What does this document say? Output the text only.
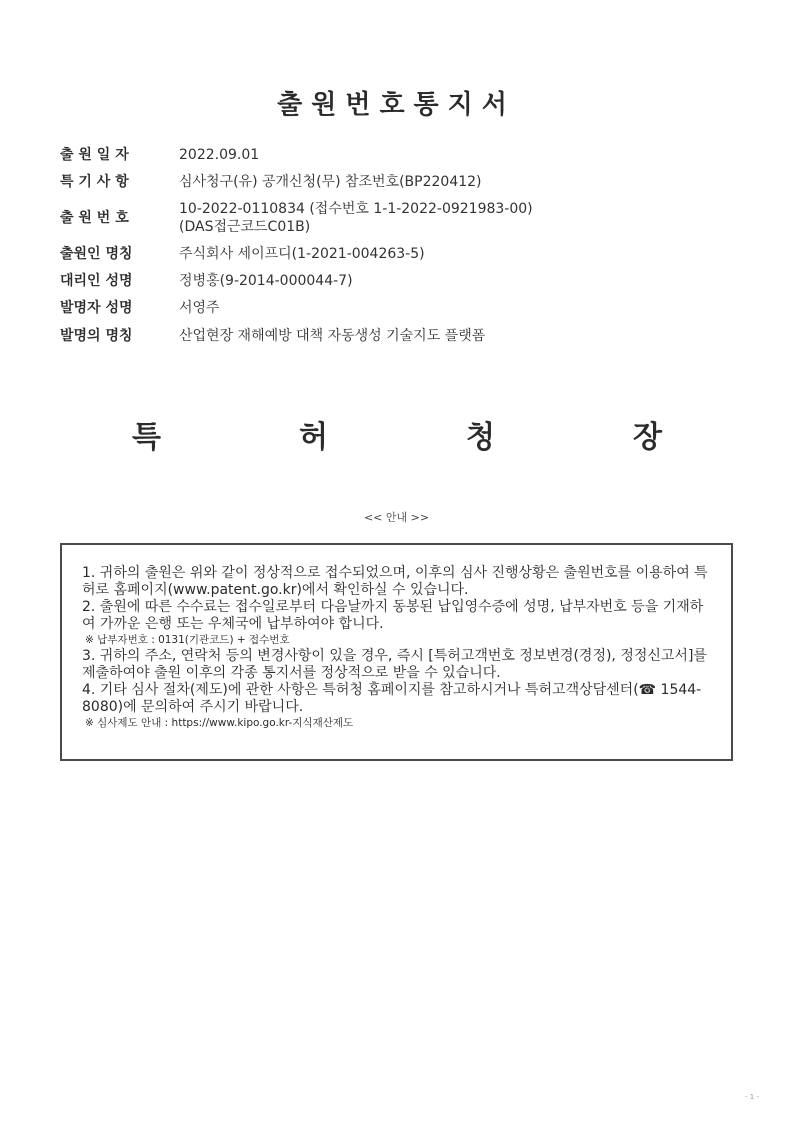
출원번호통지서
출 원 일 자	2022.09.01
특 기 사 항	심사청구(유) 공개신청(무) 참조번호(BP220412)
출 원 번 호
10-2022-0110834 (접수번호 1-1-2022-0921983-00)
(DAS접근코드C01B)
출원인 명칭	주식회사 세이프디(1-2021-004263-5)
대리인 성명	정병홍(9-2014-000044-7)
발명자 성명	서영주
발명의 명칭	산업현장 재해예방 대책 자동생성 기술지도 플랫폼
특	허	청	장
<< 안내 >>

1. 귀하의 출원은 위와 같이 정상적으로 접수되었으며, 이후의 심사 진행상황은 출원번호를 이용하여 특허로 홈페이지(www.patent.go.kr)에서 확인하실 수 있습니다.

2. 출원에 따른 수수료는 접수일로부터 다음날까지 동봉된 납입영수증에 성명, 납부자번호 등을 기재하여 가까운 은행 또는 우체국에 납부하여야 합니다.

※ 납부자번호 : 0131(기관코드) + 접수번호

3. 귀하의 주소, 연락처 등의 변경사항이 있을 경우, 즉시 [특허고객번호 정보변경(경정), 정정신고서]를 제출하여야 출원 이후의 각종 통지서를 정상적으로 받을 수 있습니다.

4. 기타 심사 절차(제도)에 관한 사항은 특허청 홈페이지를 참고하시거나 특허고객상담센터(☎ 1544-8080)에 문의하여 주시기 바랍니다.

※ 심사제도 안내 : https://www.kipo.go.kr-지식재산제도

- 1 -
